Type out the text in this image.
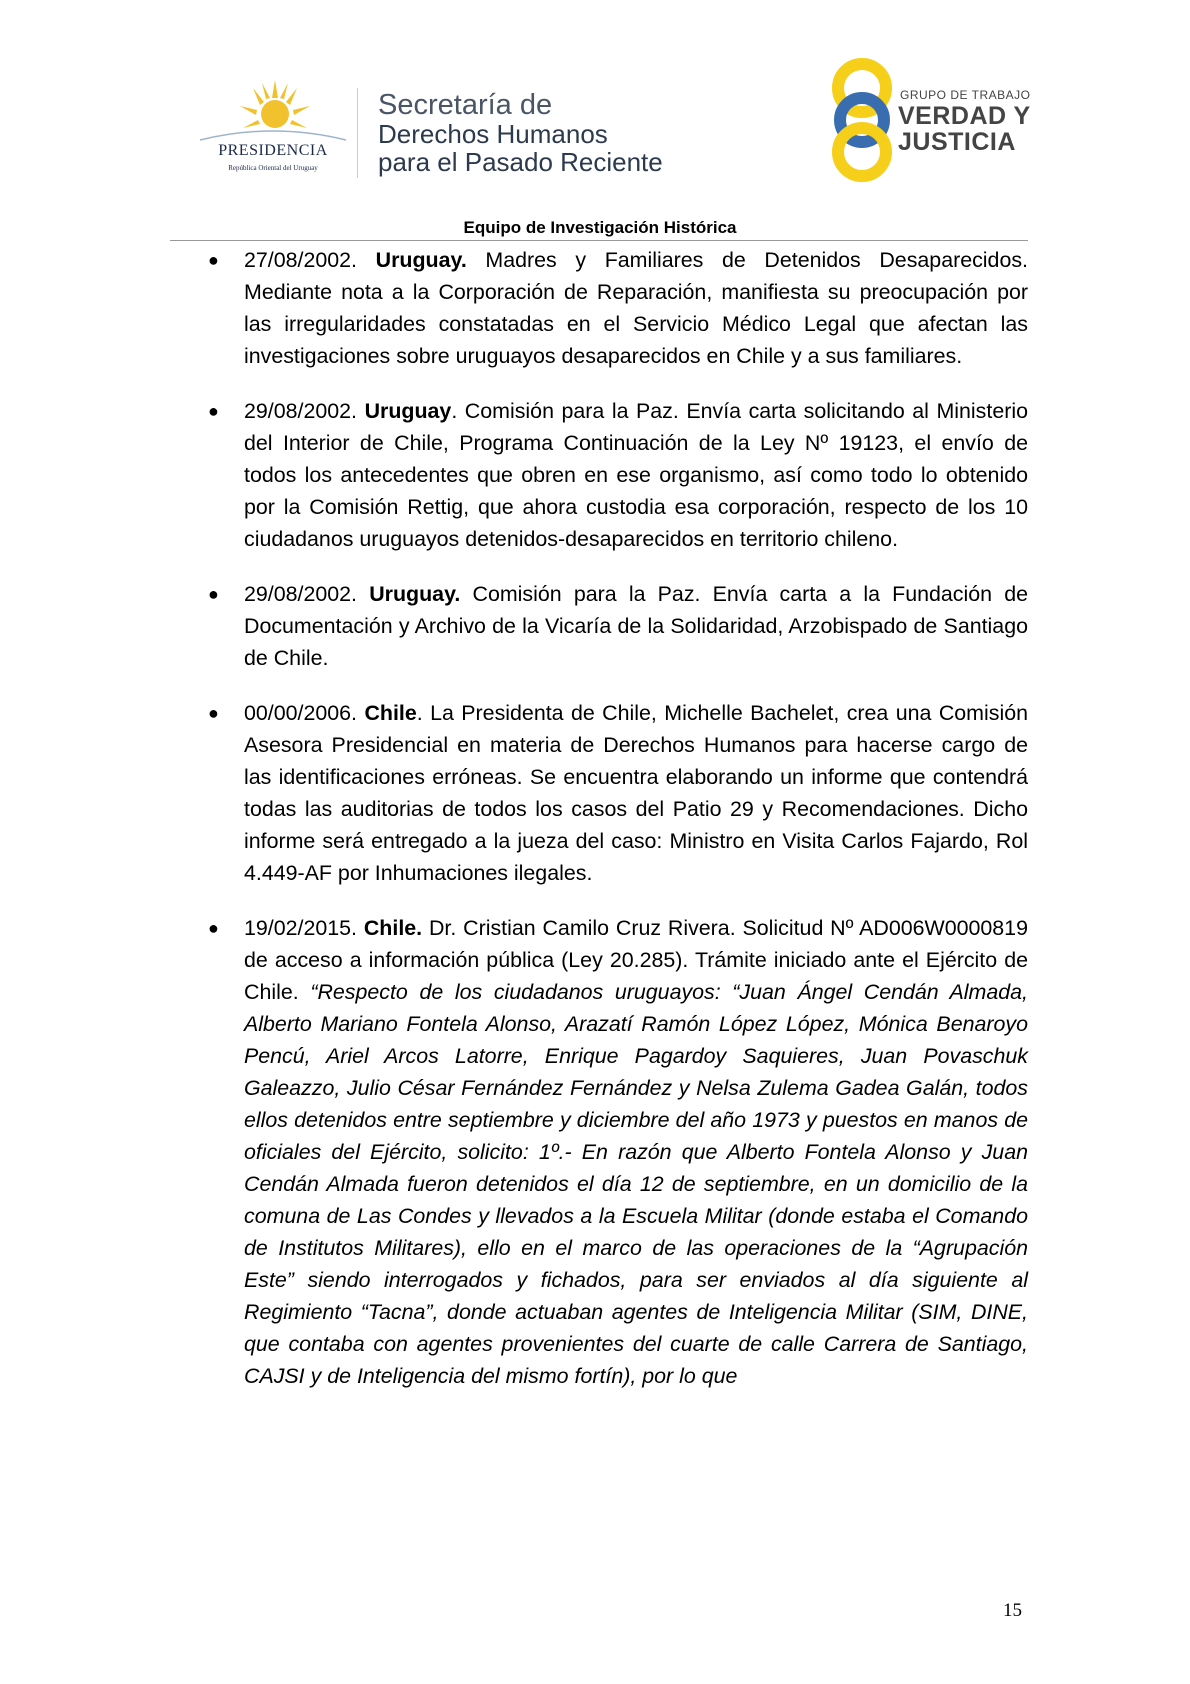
PRESIDENCIA
República Oriental del Uruguay
Secretaría de
Derechos Humanos
para el Pasado Reciente
GRUPO DE TRABAJO
VERDAD Y
JUSTICIA
Equipo de Investigación Histórica
●	27/08/2002. Uruguay. Madres y Familiares de Detenidos Desaparecidos. Mediante nota a la Corporación de Reparación, manifiesta su preocupación por las irregularidades constatadas en el Servicio Médico Legal que afectan las investigaciones sobre uruguayos desaparecidos en Chile y a sus familiares.
●	29/08/2002. Uruguay. Comisión para la Paz. Envía carta solicitando al Ministerio del Interior de Chile, Programa Continuación de la Ley Nº 19123, el envío de todos los antecedentes que obren en ese organismo, así como todo lo obtenido por la Comisión Rettig, que ahora custodia esa corporación, respecto de los 10 ciudadanos uruguayos detenidos-desaparecidos en territorio chileno.
●	29/08/2002. Uruguay. Comisión para la Paz. Envía carta a la Fundación de Documentación y Archivo de la Vicaría de la Solidaridad, Arzobispado de Santiago de Chile.
●	00/00/2006. Chile. La Presidenta de Chile, Michelle Bachelet, crea una Comisión Asesora Presidencial en materia de Derechos Humanos para hacerse cargo de las identificaciones erróneas. Se encuentra elaborando un informe que contendrá todas las auditorias de todos los casos del Patio 29 y Recomendaciones. Dicho informe será entregado a la jueza del caso: Ministro en Visita Carlos Fajardo, Rol 4.449-AF por Inhumaciones ilegales.
●	19/02/2015. Chile. Dr. Cristian Camilo Cruz Rivera. Solicitud Nº AD006W0000819 de acceso a información pública (Ley 20.285). Trámite iniciado ante el Ejército de Chile. “Respecto de los ciudadanos uruguayos: “Juan Ángel Cendán Almada, Alberto Mariano Fontela Alonso, Arazatí Ramón López López, Mónica Benaroyo Pencú, Ariel Arcos Latorre, Enrique Pagardoy Saquieres, Juan Povaschuk Galeazzo, Julio César Fernández Fernández y Nelsa Zulema Gadea Galán, todos ellos detenidos entre septiembre y diciembre del año 1973 y puestos en manos de oficiales del Ejército, solicito: 1º.- En razón que Alberto Fontela Alonso y Juan Cendán Almada fueron detenidos el día 12 de septiembre, en un domicilio de la comuna de Las Condes y llevados a la Escuela Militar (donde estaba el Comando de Institutos Militares), ello en el marco de las operaciones de la “Agrupación Este” siendo interrogados y fichados, para ser enviados al día siguiente al Regimiento “Tacna”, donde actuaban agentes de Inteligencia Militar (SIM, DINE, que contaba con agentes provenientes del cuarte de calle Carrera de Santiago, CAJSI y de Inteligencia del mismo fortín), por lo que
15
